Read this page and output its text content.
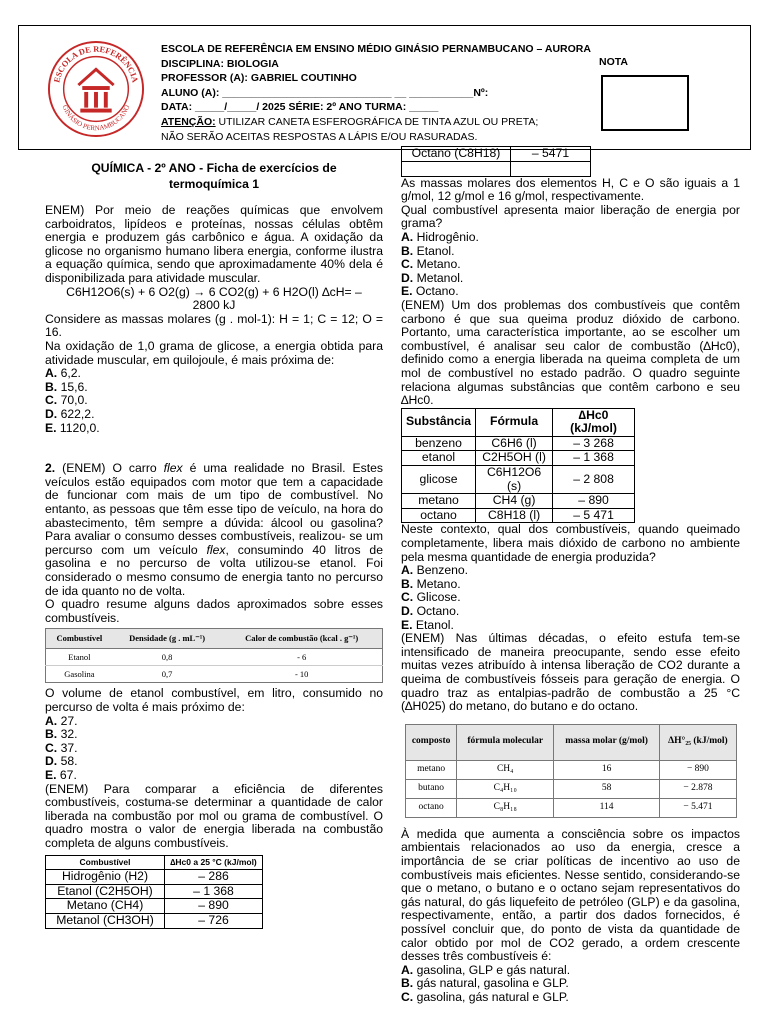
ESCOLA DE REFERÊNCIA
GINÁSIO PERNAMBUCANO
ESCOLA DE REFERÊNCIA EM ENSINO MÉDIO GINÁSIO PERNAMBUCANO – AURORA
DISCIPLINA: BIOLOGIA
PROFESSOR (A): GABRIEL COUTINHO
ALUNO (A): _____________________________ __ ___________Nº:
DATA: _____/_____/ 2025 SÉRIE: 2º ANO TURMA: _____
ATENÇÃO: UTILIZAR CANETA ESFEROGRÁFICA DE TINTA AZUL OU PRETA;
NÃO SERÃO ACEITAS RESPOSTAS A LÁPIS E/OU RASURADAS.
NOTA
QUÍMICA - 2º ANO - Ficha de exercícios de
termoquímica 1

ENEM) Por meio de reações químicas que envolvem carboidratos, lipídeos e proteínas, nossas células obtêm energia e produzem gás carbônico e água. A oxidação da glicose no organismo humano libera energia, conforme ilustra a equação química, sendo que aproximadamente 40% dela é disponibilizada para atividade muscular.

C6H12O6(s) + 6 O2(g) → 6 CO2(g) + 6 H2O(l) ∆cH= –

2800 kJ

Considere as massas molares (g . mol-1): H = 1; C = 12; O = 16.

Na oxidação de 1,0 grama de glicose, a energia obtida para atividade muscular, em quilojoule, é mais próxima de:

A. 6,2.
B. 15,6.
C. 70,0.
D. 622,2.
E. 1120,0.

2. (ENEM) O carro flex é uma realidade no Brasil. Estes veículos estão equipados com motor que tem a capacidade de funcionar com mais de um tipo de combustível. No entanto, as pessoas que têm esse tipo de veículo, na hora do abastecimento, têm sempre a dúvida: álcool ou gasolina? Para avaliar o consumo desses combustíveis, realizou- se um percurso com um veículo flex, consumindo 40 litros de gasolina e no percurso de volta utilizou-se etanol. Foi considerado o mesmo consumo de energia tanto no percurso de ida quanto no de volta.

O quadro resume alguns dados aproximados sobre esses combustíveis.

Combustível	Densidade (g . mL⁻¹)	Calor de combustão (kcal . g⁻¹)
Etanol	0,8	- 6
Gasolina	0,7	- 10

O volume de etanol combustível, em litro, consumido no percurso de volta é mais próximo de:

A. 27.
B. 32.
C. 37.
D. 58.
E. 67.

(ENEM) Para comparar a eficiência de diferentes combustíveis, costuma-se determinar a quantidade de calor liberada na combustão por mol ou grama de combustível. O quadro mostra o valor de energia liberada na combustão completa de alguns combustíveis.

Combustível	∆Hc0 a 25 °C (kJ/mol)
Hidrogênio (H2)	– 286
Etanol (C2H5OH)	– 1 368
Metano (CH4)	– 890
Metanol (CH3OH)	– 726
Octano (C8H18)	– 5471

As massas molares dos elementos H, C e O são iguais a 1 g/mol, 12 g/mol e 16 g/mol, respectivamente.

Qual combustível apresenta maior liberação de energia por grama?

A. Hidrogênio.
B. Etanol.
C. Metano.
D. Metanol.
E. Octano.

(ENEM) Um dos problemas dos combustíveis que contêm carbono é que sua queima produz dióxido de carbono. Portanto, uma característica importante, ao se escolher um combustível, é analisar seu calor de combustão (∆Hc0), definido como a energia liberada na queima completa de um mol de combustível no estado padrão. O quadro seguinte relaciona algumas substâncias que contêm carbono e seu ∆Hc0.

Substância	Fórmula	∆Hc0 (kJ/mol)
benzeno	C6H6 (l)	– 3 268
etanol	C2H5OH (l)	– 1 368
glicose	C6H12O6 (s)	– 2 808
metano	CH4 (g)	– 890
octano	C8H18 (l)	– 5 471

Neste contexto, qual dos combustíveis, quando queimado completamente, libera mais dióxido de carbono no ambiente pela mesma quantidade de energia produzida?

A. Benzeno.
B. Metano.
C. Glicose.
D. Octano.
E. Etanol.

(ENEM) Nas últimas décadas, o efeito estufa tem-se intensificado de maneira preocupante, sendo esse efeito muitas vezes atribuído à intensa liberação de CO2 durante a queima de combustíveis fósseis para geração de energia. O quadro traz as entalpias-padrão de combustão a 25 °C (∆H025) do metano, do butano e do octano.

composto	fórmula molecular	massa molar (g/mol)	ΔH°₂₅ (kJ/mol)
metano	CH₄	16	− 890
butano	C₄H₁₀	58	− 2.878
octano	C₈H₁₈	114	− 5.471

À medida que aumenta a consciência sobre os impactos ambientais relacionados ao uso da energia, cresce a importância de se criar políticas de incentivo ao uso de combustíveis mais eficientes. Nesse sentido, considerando-se que o metano, o butano e o octano sejam representativos do gás natural, do gás liquefeito de petróleo (GLP) e da gasolina, respectivamente, então, a partir dos dados fornecidos, é possível concluir que, do ponto de vista da quantidade de calor obtido por mol de CO2 gerado, a ordem crescente desses três combustíveis é:

A. gasolina, GLP e gás natural.
B. gás natural, gasolina e GLP.
C. gasolina, gás natural e GLP.
